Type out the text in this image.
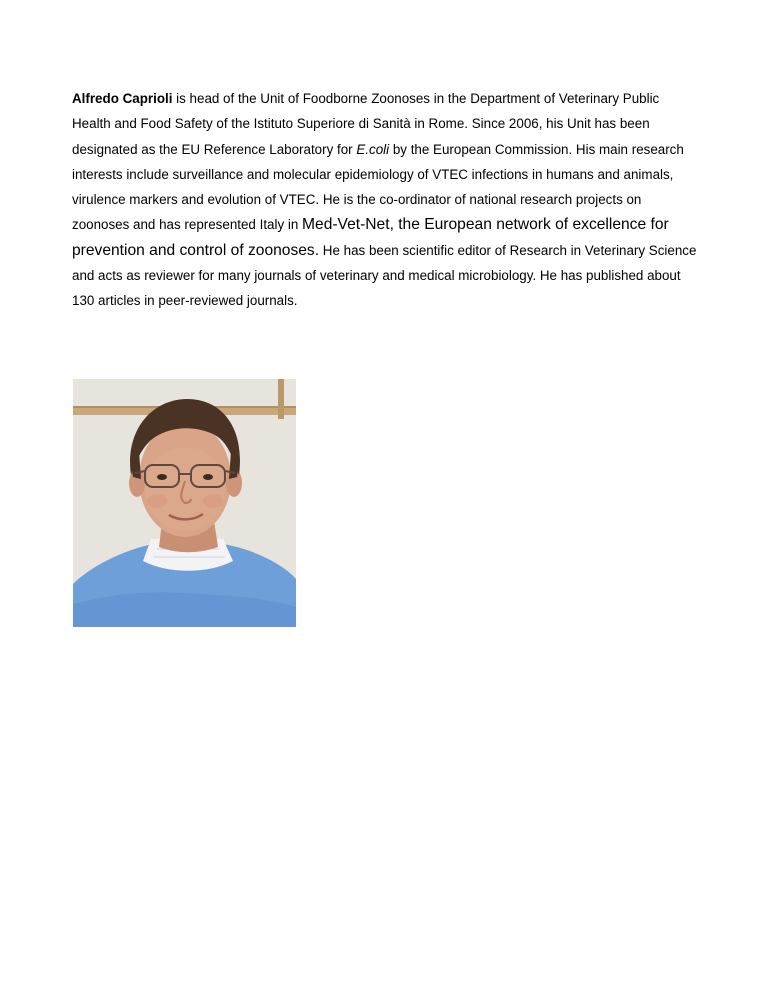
Alfredo Caprioli is head of the Unit of Foodborne Zoonoses in the Department of Veterinary Public Health and Food Safety of the Istituto Superiore di Sanità in Rome. Since 2006, his Unit has been designated as the EU Reference Laboratory for E.coli by the European Commission. His main research interests include surveillance and molecular epidemiology of VTEC infections in humans and animals, virulence markers and evolution of VTEC. He is the co-ordinator of national research projects on zoonoses and has represented Italy in Med-Vet-Net, the European network of excellence for prevention and control of zoonoses. He has been scientific editor of Research in Veterinary Science and acts as reviewer for many journals of veterinary and medical microbiology. He has published about 130 articles in peer-reviewed journals.
